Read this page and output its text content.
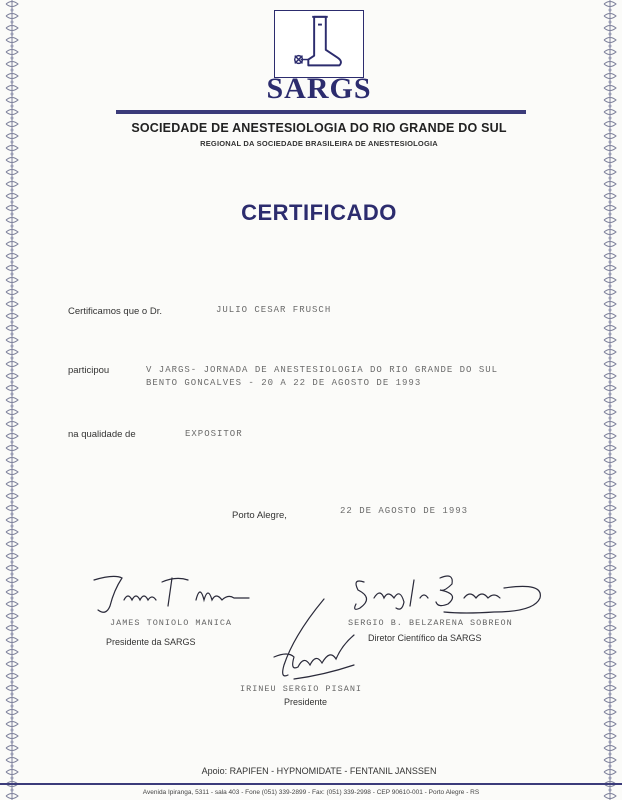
SARGS
SOCIEDADE DE ANESTESIOLOGIA DO RIO GRANDE DO SUL
REGIONAL DA SOCIEDADE BRASILEIRA DE ANESTESIOLOGIA
CERTIFICADO
Certificamos que o Dr.	JULIO CESAR FRUSCH
participou	V JARGS- JORNADA DE ANESTESIOLOGIA DO RIO GRANDE DO SUL
BENTO GONCALVES - 20 A 22 DE AGOSTO DE 1993
na qualidade de	EXPOSITOR
Porto Alegre,	22 DE AGOSTO DE 1993
JAMES TONIOLO MANICA
Presidente da SARGS
SERGIO B. BELZARENA SOBREON
Diretor Científico da SARGS
IRINEU SERGIO PISANI
Presidente
Apoio: RAPIFEN - HYPNOMIDATE - FENTANIL JANSSEN
Avenida Ipiranga, 5311 - sala 403 - Fone (051) 339-2899 - Fax: (051) 339-2998 - CEP 90610-001 - Porto Alegre - RS
